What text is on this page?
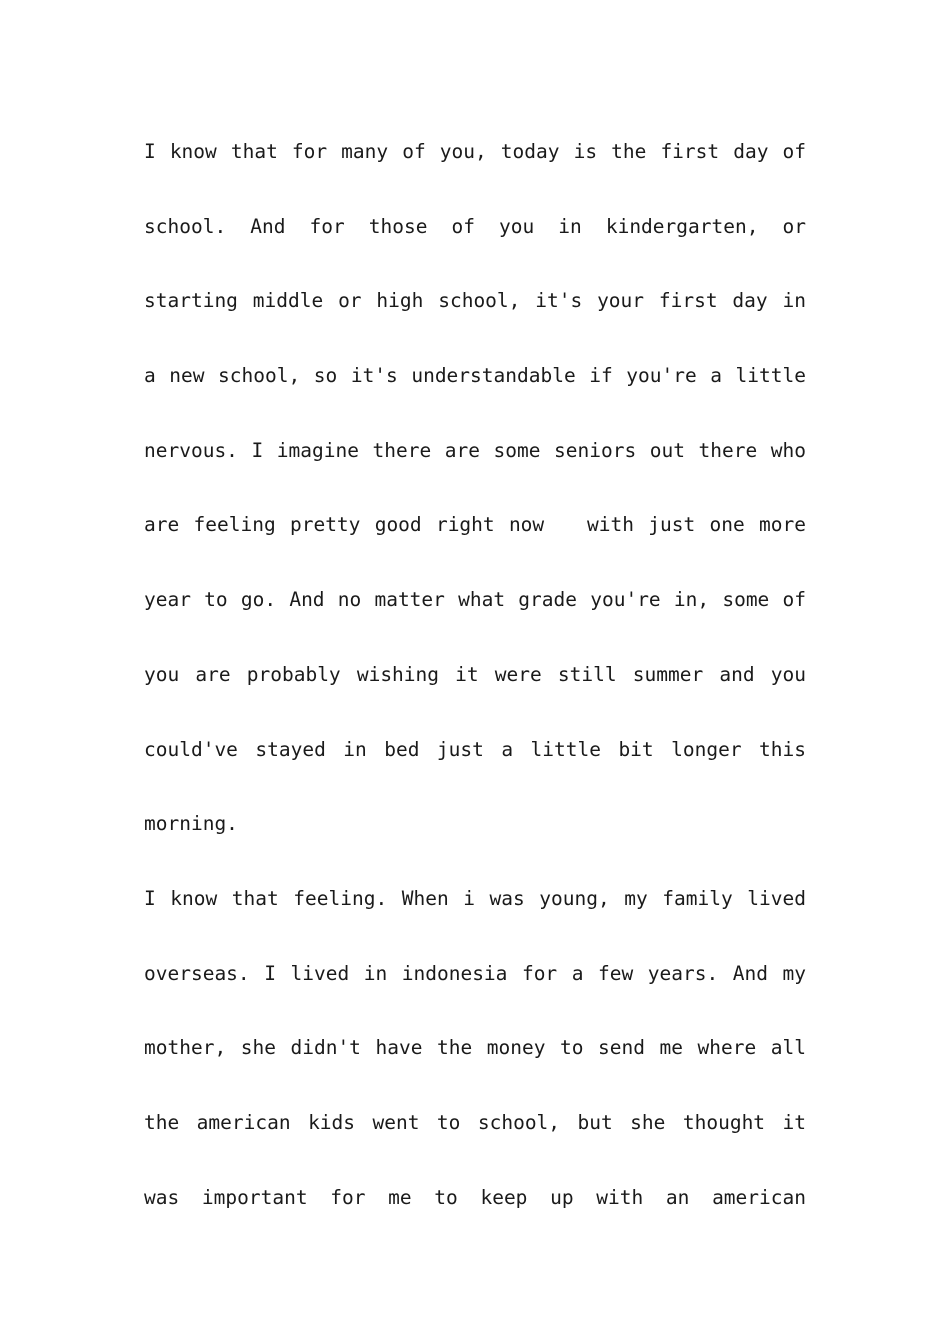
I know that for many of you, today is the first day of
school. And for those of you in kindergarten, or
starting middle or high school, it's your first day in
a new school, so it's understandable if you're a little
nervous. I imagine there are some seniors out there who
are feeling pretty good right now   with just one more
year to go. And no matter what grade you're in, some of
you are probably wishing it were still summer and you
could've stayed in bed just a little bit longer this
morning.
I know that feeling. When i was young, my family lived
overseas. I lived in indonesia for a few years. And my
mother, she didn't have the money to send me where all
the american kids went to school, but she thought it
was important for me to keep up with an american
